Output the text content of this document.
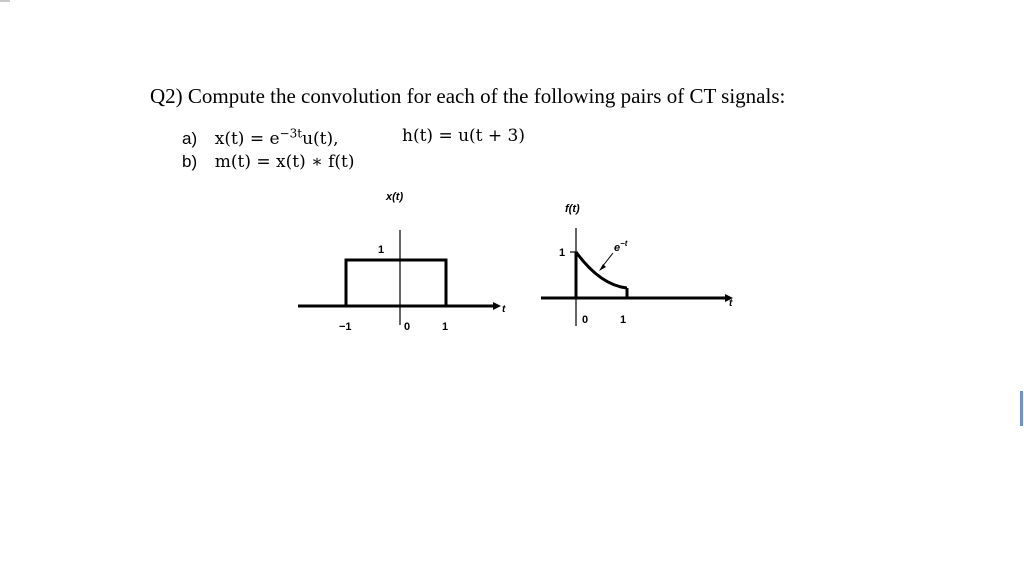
Q2) Compute the convolution for each of the following pairs of CT signals:
a) $x(t) = e^{-3t}u(t)$,	h(t) = u(t + 3)
b) m(t) = x(t) ∗ f(t)
x(t)
1
−1	0	1
t
f(t)
$e^{-t}$
1
0	1
t
